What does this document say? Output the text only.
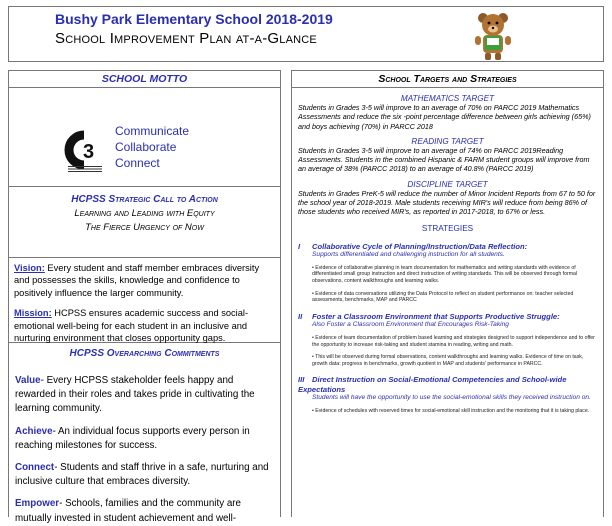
Bushy Park Elementary School 2018-2019
School Improvement Plan at-a-Glance
SCHOOL MOTTO
3
Communicate
Collaborate
Connect
HCPSS Strategic Call to Action
Learning and Leading with Equity
The Fierce Urgency of Now

Vision: Every student and staff member embraces diversity and possesses the skills, knowledge and confidence to positively influence the larger community.

Mission: HCPSS ensures academic success and social-emotional well-being for each student in an inclusive and nurturing environment that closes opportunity gaps.

HCPSS Overarching Commitments

Value- Every HCPSS stakeholder feels happy and rewarded in their roles and takes pride in cultivating the learning community.

Achieve- An individual focus supports every person in reaching milestones for success.

Connect- Students and staff thrive in a safe, nurturing and inclusive culture that embraces diversity.

Empower- Schools, families and the community are mutually invested in student achievement and well-

School Targets and Strategies
MATHEMATICS TARGET
Students in Grades 3-5 will improve to an average of 70% on PARCC 2019 Mathematics Assessments and reduce the six -point percentage difference between girls achieving (65%) and boys achieving (70%) in PARCC 2018
READING TARGET
Students in Grades 3-5 will improve to an average of 74% on PARCC 2019Reading Assessments. Students in the combined Hispanic & FARM student groups will improve from an average of 38% (PARCC 2018) to an average of 40.8% (PARCC 2019)
DISCIPLINE TARGET
Students in Grades PreK-5 will reduce the number of Minor Incident Reports from 67 to 50 for the school year of 2018-2019. Male students receiving MIR's will reduce from being 86% of those students who received MIR's, as reported in 2017-2018, to 67% or less.
STRATEGIES
I Collaborative Cycle of Planning/Instruction/Data Reflection:
Supports differentiated and challenging instruction for all students.
• Evidence of collaborative planning in team documentation for mathematics and writing standards with evidence of differentiated small group instruction and direct instruction of writing standards. This will be observed through formal observations, content walkthroughs and learning walks.
• Evidence of data conversations utilizing the Data Protocol to reflect on student performance on: teacher selected assessments, benchmarks, MAP and PARCC
II Foster a Classroom Environment that Supports Productive Struggle:
Also Foster a Classroom Environment that Encourages Risk-Taking
• Evidence of team documentation of problem based learning and strategies designed to support independence and to offer the opportunity to increase risk-taking and student stamina in reading, writing and math.
• This will be observed during formal observations, content walkthroughs and learning walks. Evidence of time on task, growth data: progress in benchmarks, growth quotient in MAP and students' performance in PARCC.
III Direct Instruction on Social-Emotional Competencies and School-wide Expectations
Students will have the opportunity to use the social-emotional skills they received instruction on.
• Evidence of schedules with reserved times for social-emotional skill instruction and the monitoring that it is taking place.
